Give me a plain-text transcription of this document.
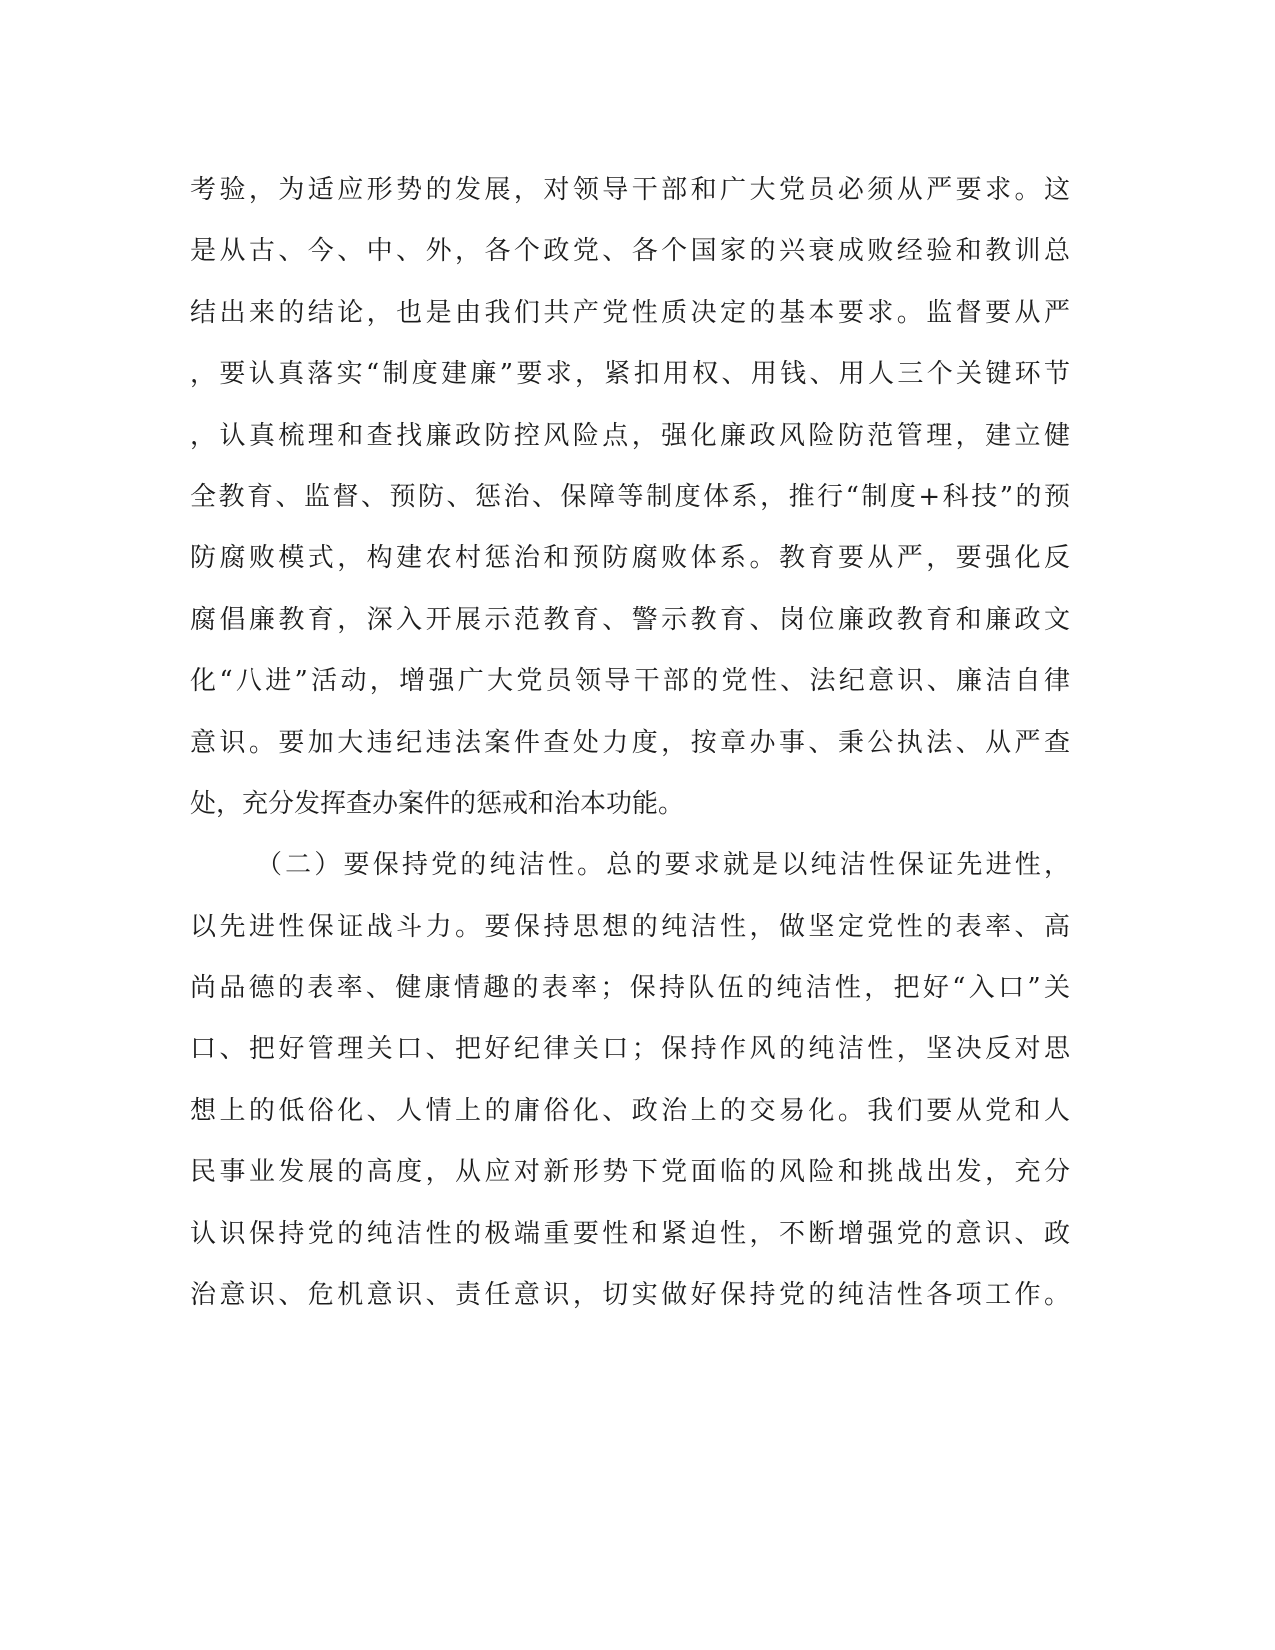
考验，为适应形势的发展，对领导干部和广大党员必须从严要求。这
是从古、今、中、外，各个政党、各个国家的兴衰成败经验和教训总
结出来的结论，也是由我们共产党性质决定的基本要求。监督要从严
，要认真落实“制度建廉”要求，紧扣用权、用钱、用人三个关键环节
，认真梳理和查找廉政防控风险点，强化廉政风险防范管理，建立健
全教育、监督、预防、惩治、保障等制度体系，推行“制度+科技”的预
防腐败模式，构建农村惩治和预防腐败体系。教育要从严，要强化反
腐倡廉教育，深入开展示范教育、警示教育、岗位廉政教育和廉政文
化“八进”活动，增强广大党员领导干部的党性、法纪意识、廉洁自律
意识。要加大违纪违法案件查处力度，按章办事、秉公执法、从严查
处，充分发挥查办案件的惩戒和治本功能。
（二）要保持党的纯洁性。总的要求就是以纯洁性保证先进性，
以先进性保证战斗力。要保持思想的纯洁性，做坚定党性的表率、高
尚品德的表率、健康情趣的表率；保持队伍的纯洁性，把好“入口”关
口、把好管理关口、把好纪律关口；保持作风的纯洁性，坚决反对思
想上的低俗化、人情上的庸俗化、政治上的交易化。我们要从党和人
民事业发展的高度，从应对新形势下党面临的风险和挑战出发，充分
认识保持党的纯洁性的极端重要性和紧迫性，不断增强党的意识、政
治意识、危机意识、责任意识，切实做好保持党的纯洁性各项工作。
